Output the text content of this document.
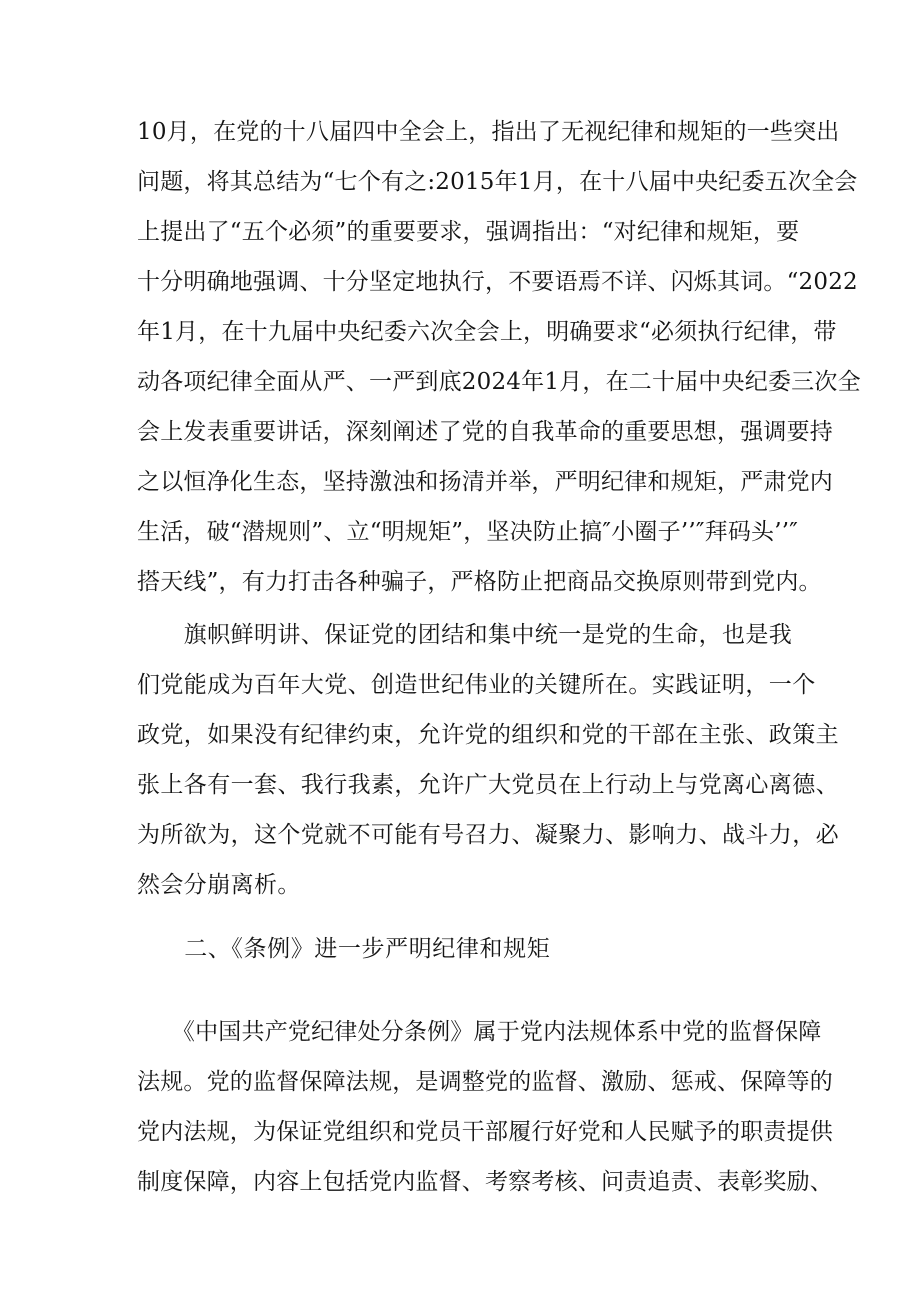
10月，在党的十八届四中全会上，指出了无视纪律和规矩的一些突出
问题，将其总结为“七个有之:2015年1月，在十八届中央纪委五次全会
上提出了“五个必须”的重要要求，强调指出：“对纪律和规矩，要
十分明确地强调、十分坚定地执行，不要语焉不详、闪烁其词。“2022
年1月，在十九届中央纪委六次全会上，明确要求“必须执行纪律，带
动各项纪律全面从严、一严到底2024年1月，在二十届中央纪委三次全
会上发表重要讲话，深刻阐述了党的自我革命的重要思想，强调要持
之以恒净化生态，坚持激浊和扬清并举，严明纪律和规矩，严肃党内
生活，破“潜规则”、立“明规矩”，坚决防止搞″小圈子’’″拜码头’’″
搭天线”，有力打击各种骗子，严格防止把商品交换原则带到党内。
　　旗帜鲜明讲、保证党的团结和集中统一是党的生命，也是我
们党能成为百年大党、创造世纪伟业的关键所在。实践证明，一个
政党，如果没有纪律约束，允许党的组织和党的干部在主张、政策主
张上各有一套、我行我素，允许广大党员在上行动上与党离心离德、
为所欲为，这个党就不可能有号召力、凝聚力、影响力、战斗力，必
然会分崩离析。
　　二、《条例》进一步严明纪律和规矩
　　《中国共产党纪律处分条例》属于党内法规体系中党的监督保障
法规。党的监督保障法规，是调整党的监督、激励、惩戒、保障等的
党内法规，为保证党组织和党员干部履行好党和人民赋予的职责提供
制度保障，内容上包括党内监督、考察考核、问责追责、表彰奖励、
